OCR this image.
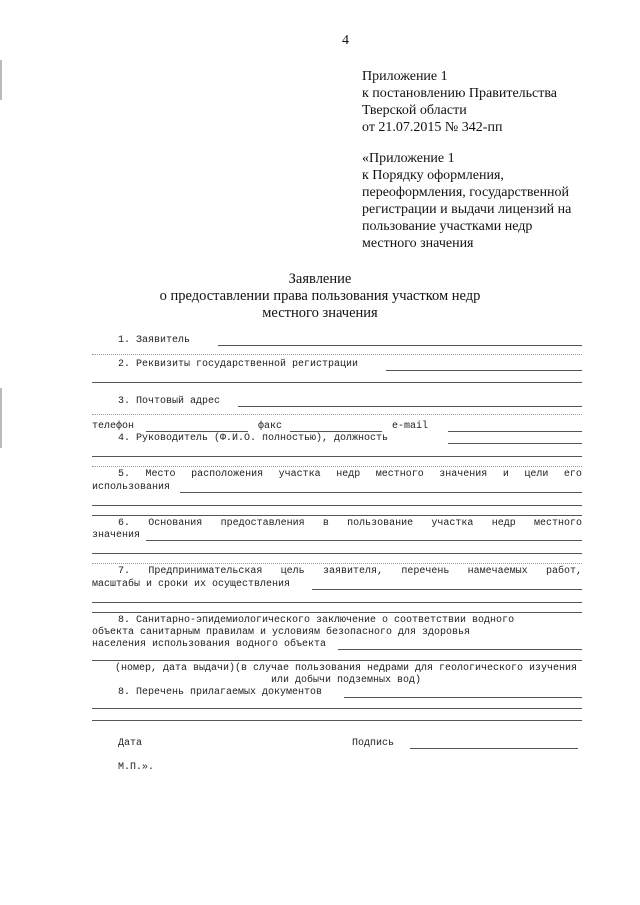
4
Приложение 1
к постановлению Правительства
Тверской области
от 21.07.2015 № 342-пп
«Приложение 1
к Порядку оформления,
переоформления, государственной
регистрации и выдачи лицензий на
пользование участками недр
местного значения
Заявление
о предоставлении права пользования участком недр
местного значения
1. Заявитель
2. Реквизиты государственной регистрации
3. Почтовый адрес
телефон	факс	e-mail
4. Руководитель (Ф.И.О. полностью), должность
5. Место расположения участка недр местного значения и цели его
использования
6. Основания предоставления в пользование участка недр местного
значения
7. Предпринимательская цель заявителя, перечень намечаемых работ,
масштабы и сроки их осуществления
8. Санитарно-эпидемиологического заключение о соответствии водного
объекта санитарным правилам и условиям безопасного для здоровья
населения использования водного объекта
(номер, дата выдачи)(в случае пользования недрами для геологического изучения
или добычи подземных вод)
8. Перечень прилагаемых документов
Дата	Подпись
М.П.».
